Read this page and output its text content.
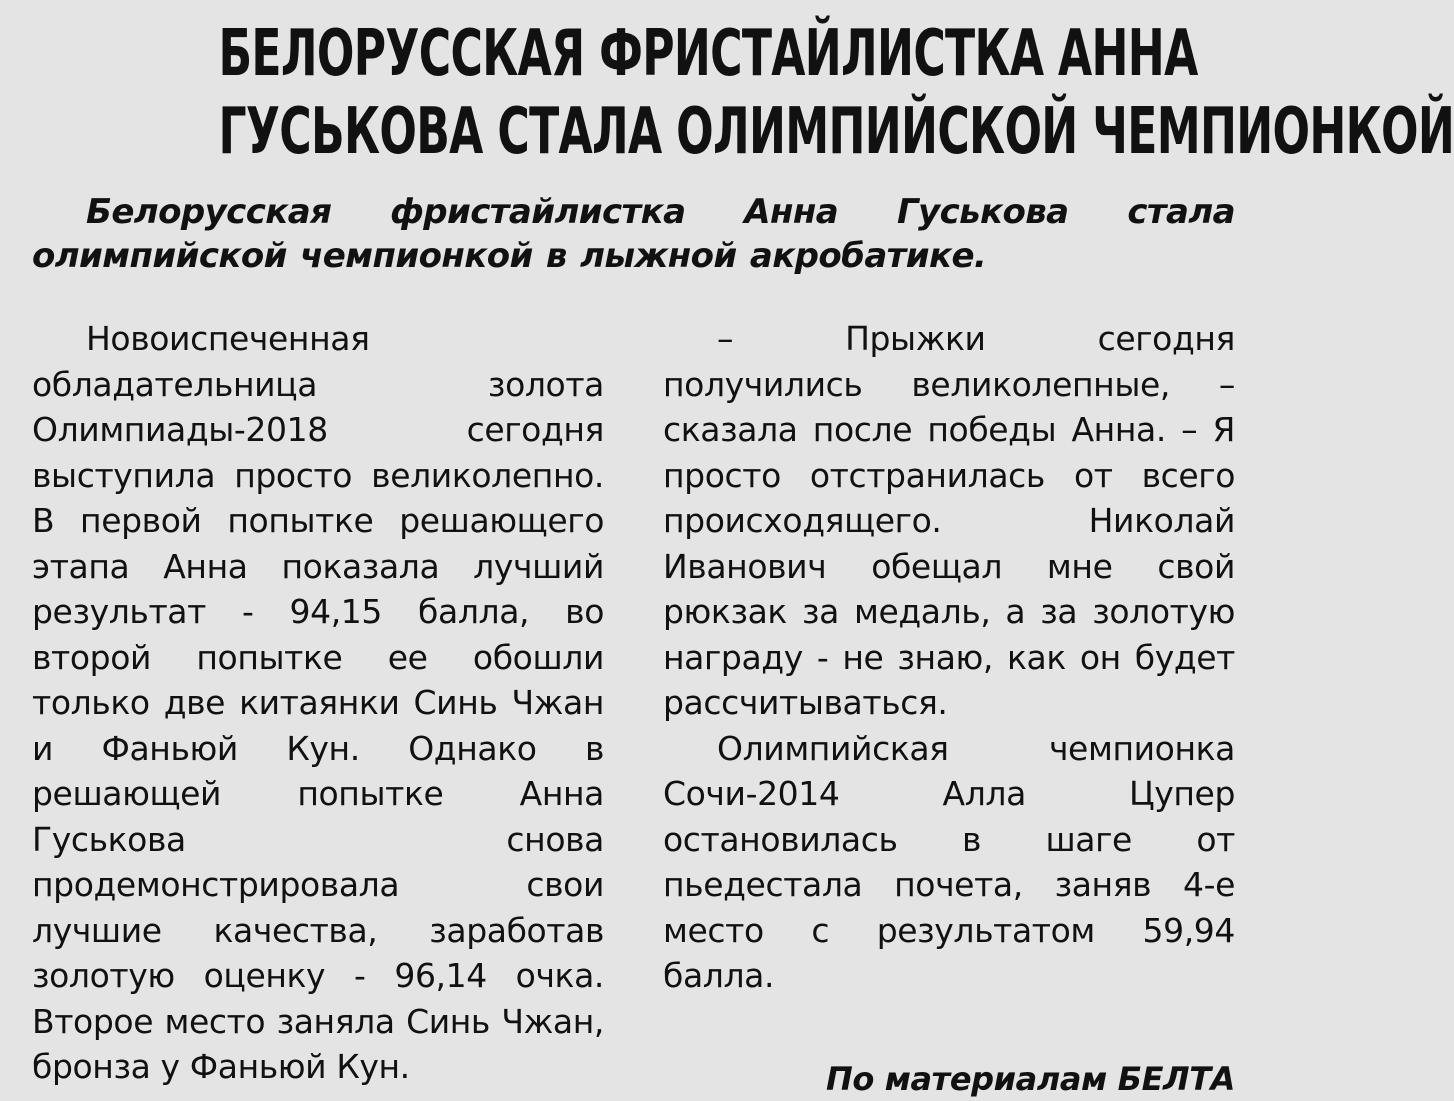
БЕЛОРУССКАЯ ФРИСТАЙЛИСТКА АННА
ГУСЬКОВА СТАЛА ОЛИМПИЙСКОЙ ЧЕМПИОНКОЙ

Белорусская фристайлистка Анна Гуськова стала олимпийской чемпионкой в лыжной акробатике.

Новоиспеченная обладательница золота Олимпиады-2018 сегодня выступила просто великолепно. В первой попытке решающего этапа Анна показала лучший результат - 94,15 балла, во второй попытке ее обошли только две китаянки Синь Чжан и Фаньюй Кун. Однако в решающей попытке Анна Гуськова снова продемонстрировала свои лучшие качества, заработав золотую оценку - 96,14 очка. Второе место заняла Синь Чжан, бронза у Фаньюй Кун.

– Прыжки сегодня получились великолепные, – сказала после победы Анна. – Я просто отстранилась от всего происходящего. Николай Иванович обещал мне свой рюкзак за медаль, а за золотую награду - не знаю, как он будет рассчитываться.

Олимпийская чемпионка Сочи-2014 Алла Цупер остановилась в шаге от пьедестала почета, заняв 4-е место с результатом 59,94 балла.

По материалам БЕЛТА
